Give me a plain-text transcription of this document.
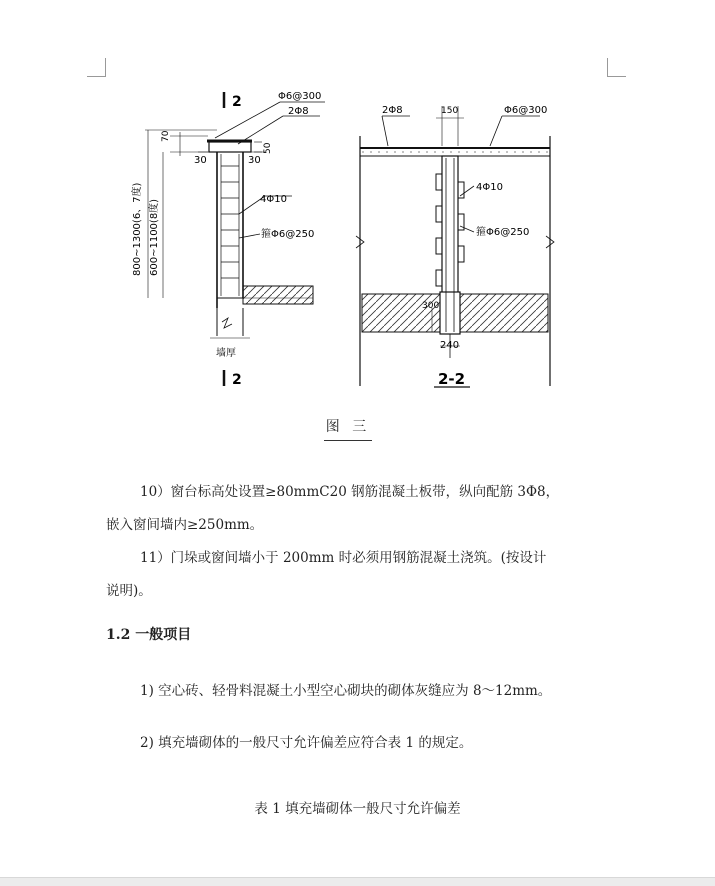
2	Φ6@300
2Φ8
70
50
30	30
4Φ10
箍Φ6@250
800~1300(6、7度) 600~1100(8度)
墙厚
2
2Φ8	150	Φ6@300
4Φ10
箍Φ6@250
300
240
2-2
图 三

10）窗台标高处设置≥80mmC20 钢筋混凝土板带，纵向配筋 3Φ8，

嵌入窗间墙内≥250mm。

11）门垛或窗间墙小于 200mm 时必须用钢筋混凝土浇筑。(按设计

说明)。

1.2 一般项目

1) 空心砖、轻骨料混凝土小型空心砌块的砌体灰缝应为 8～12mm。

2) 填充墙砌体的一般尺寸允许偏差应符合表 1 的规定。

表 1 填充墙砌体一般尺寸允许偏差
